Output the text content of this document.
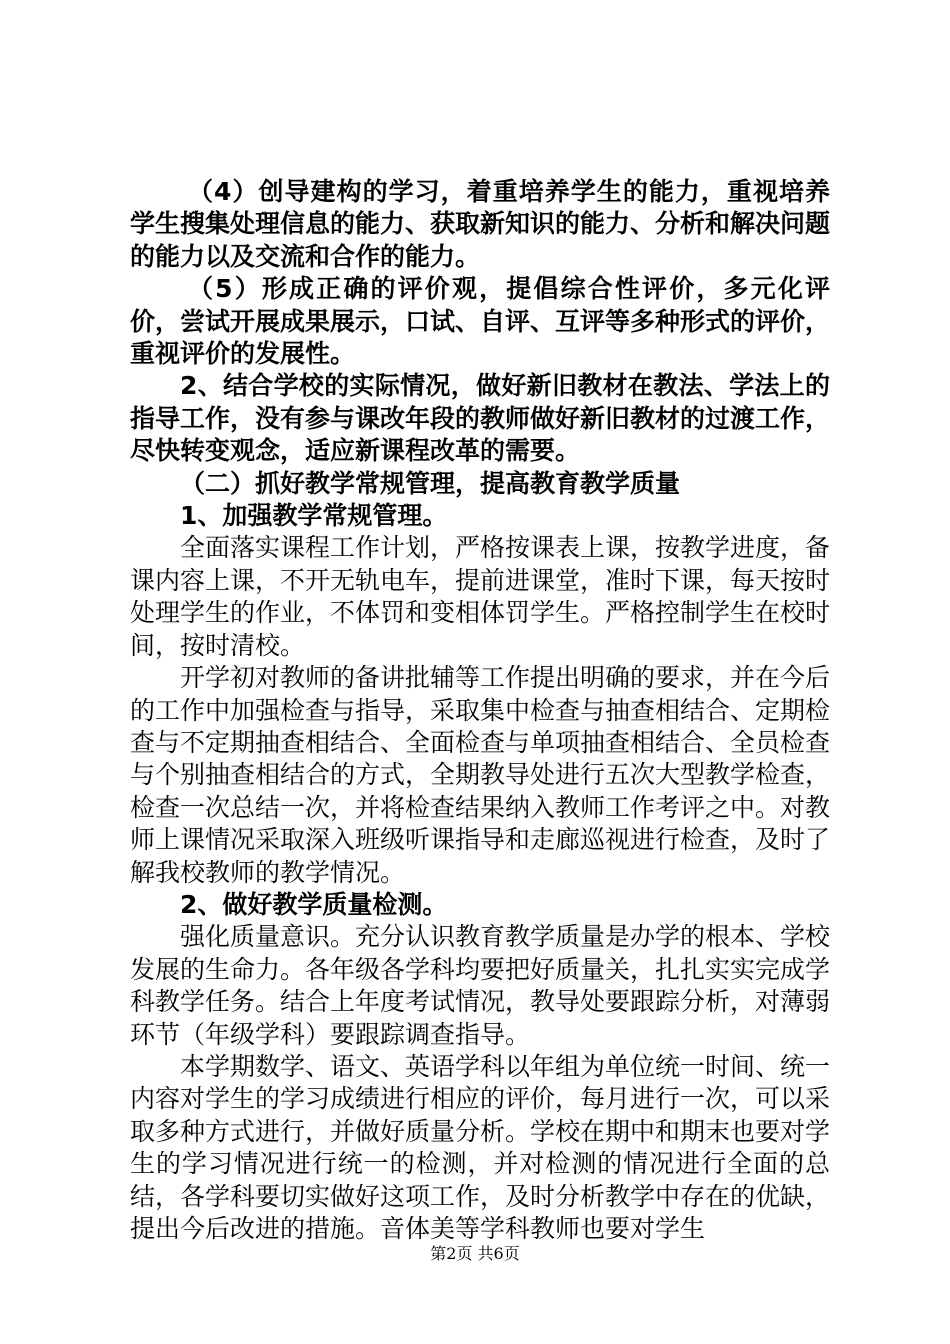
（4）创导建构的学习，着重培养学生的能力，重视培养学生搜集处理信息的能力、获取新知识的能力、分析和解决问题的能力以及交流和合作的能力。

（5）形成正确的评价观，提倡综合性评价，多元化评价，尝试开展成果展示，口试、自评、互评等多种形式的评价，重视评价的发展性。

2、结合学校的实际情况，做好新旧教材在教法、学法上的指导工作，没有参与课改年段的教师做好新旧教材的过渡工作，尽快转变观念，适应新课程改革的需要。

（二）抓好教学常规管理，提高教育教学质量

1、加强教学常规管理。

全面落实课程工作计划，严格按课表上课，按教学进度，备课内容上课，不开无轨电车，提前进课堂，准时下课，每天按时处理学生的作业，不体罚和变相体罚学生。严格控制学生在校时间，按时清校。

开学初对教师的备讲批辅等工作提出明确的要求，并在今后的工作中加强检查与指导，采取集中检查与抽查相结合、定期检查与不定期抽查相结合、全面检查与单项抽查相结合、全员检查与个别抽查相结合的方式，全期教导处进行五次大型教学检查，检查一次总结一次，并将检查结果纳入教师工作考评之中。对教师上课情况采取深入班级听课指导和走廊巡视进行检查，及时了解我校教师的教学情况。

2、做好教学质量检测。

强化质量意识。充分认识教育教学质量是办学的根本、学校发展的生命力。各年级各学科均要把好质量关，扎扎实实完成学科教学任务。结合上年度考试情况，教导处要跟踪分析，对薄弱环节（年级学科）要跟踪调查指导。

本学期数学、语文、英语学科以年组为单位统一时间、统一内容对学生的学习成绩进行相应的评价，每月进行一次，可以采取多种方式进行，并做好质量分析。学校在期中和期末也要对学生的学习情况进行统一的检测，并对检测的情况进行全面的总结，各学科要切实做好这项工作，及时分析教学中存在的优缺，提出今后改进的措施。音体美等学科教师也要对学生

第2页 共6页
